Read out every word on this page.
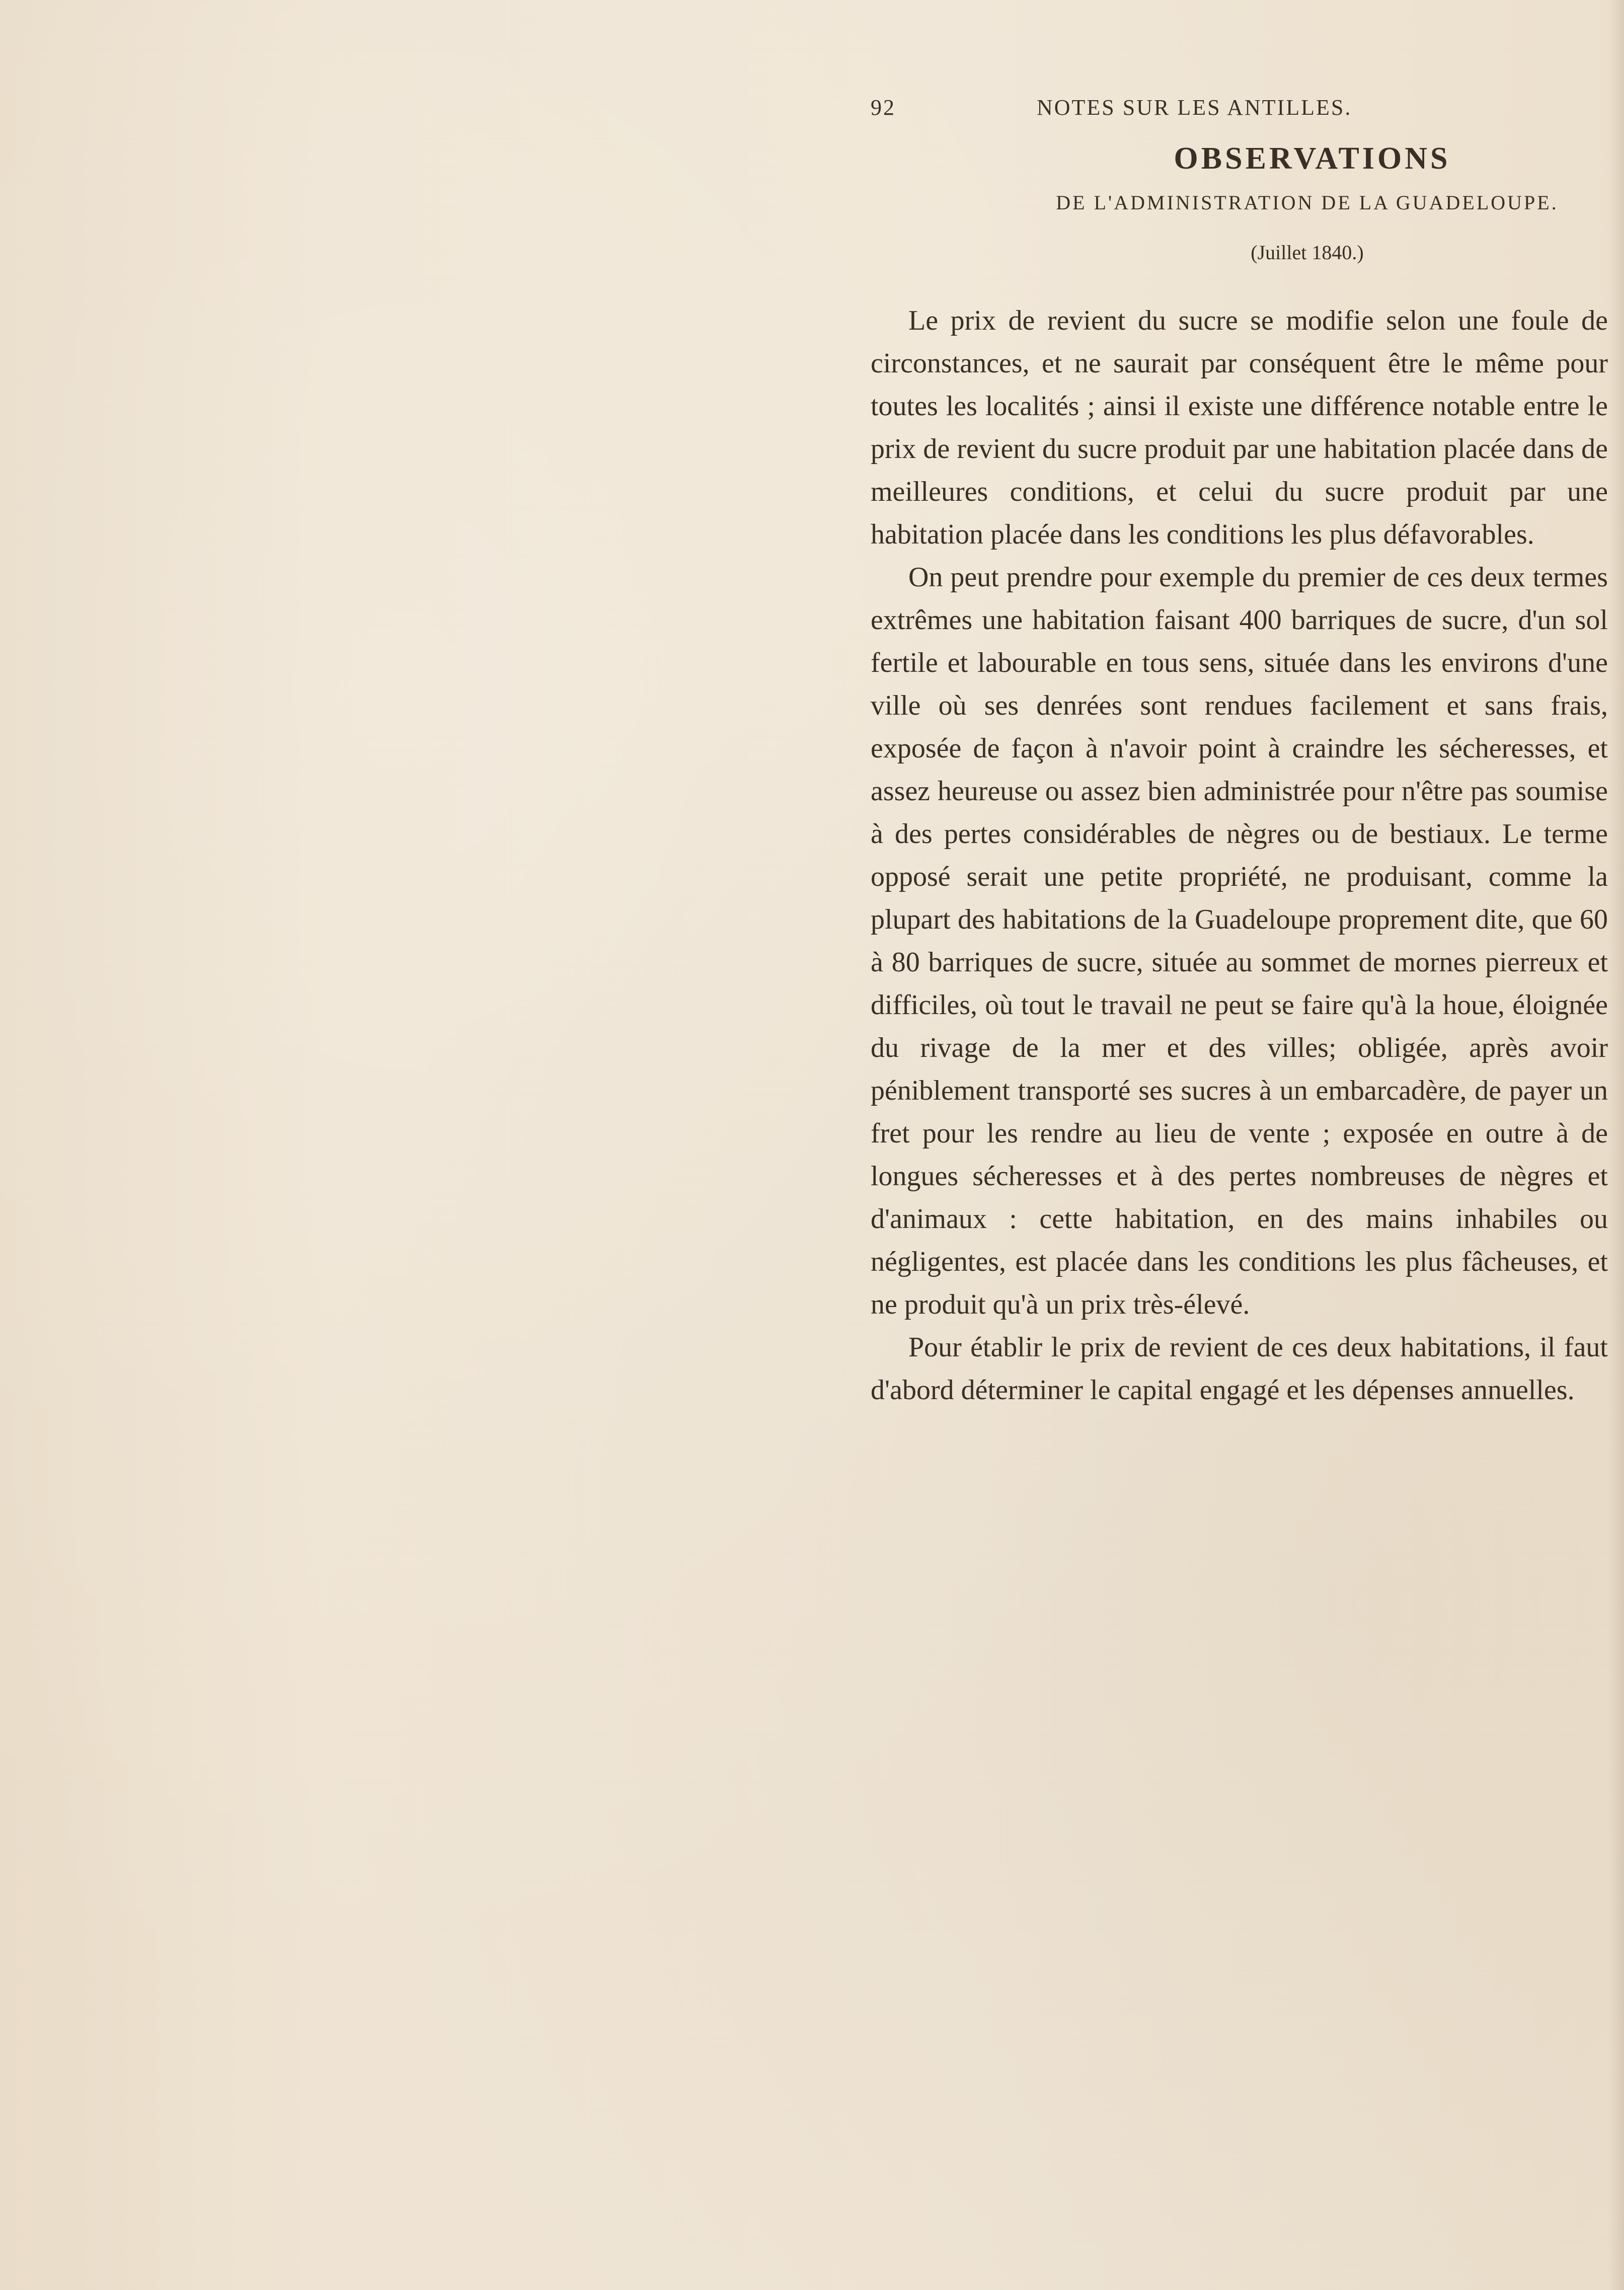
92	NOTES SUR LES ANTILLES.
OBSERVATIONS
DE L'ADMINISTRATION DE LA GUADELOUPE.
(Juillet 1840.)

Le prix de revient du sucre se modifie selon une foule de circonstances, et ne saurait par conséquent être le même pour toutes les localités ; ainsi il existe une différence notable entre le prix de revient du sucre produit par une habitation placée dans de meilleures conditions, et celui du sucre produit par une habitation placée dans les conditions les plus défavorables.

On peut prendre pour exemple du premier de ces deux termes extrêmes une habitation faisant 400 barriques de sucre, d'un sol fertile et labourable en tous sens, située dans les environs d'une ville où ses denrées sont rendues facilement et sans frais, exposée de façon à n'avoir point à craindre les sécheresses, et assez heureuse ou assez bien administrée pour n'être pas soumise à des pertes considérables de nègres ou de bestiaux. Le terme opposé serait une petite propriété, ne produisant, comme la plupart des habitations de la Guadeloupe proprement dite, que 60 à 80 barriques de sucre, située au sommet de mornes pierreux et difficiles, où tout le travail ne peut se faire qu'à la houe, éloignée du rivage de la mer et des villes; obligée, après avoir péniblement transporté ses sucres à un embarcadère, de payer un fret pour les rendre au lieu de vente ; exposée en outre à de longues sécheresses et à des pertes nombreuses de nègres et d'animaux : cette habitation, en des mains inhabiles ou négligentes, est placée dans les conditions les plus fâcheuses, et ne produit qu'à un prix très-élevé.

Pour établir le prix de revient de ces deux habitations, il faut d'abord déterminer le capital engagé et les dépenses annuelles.
